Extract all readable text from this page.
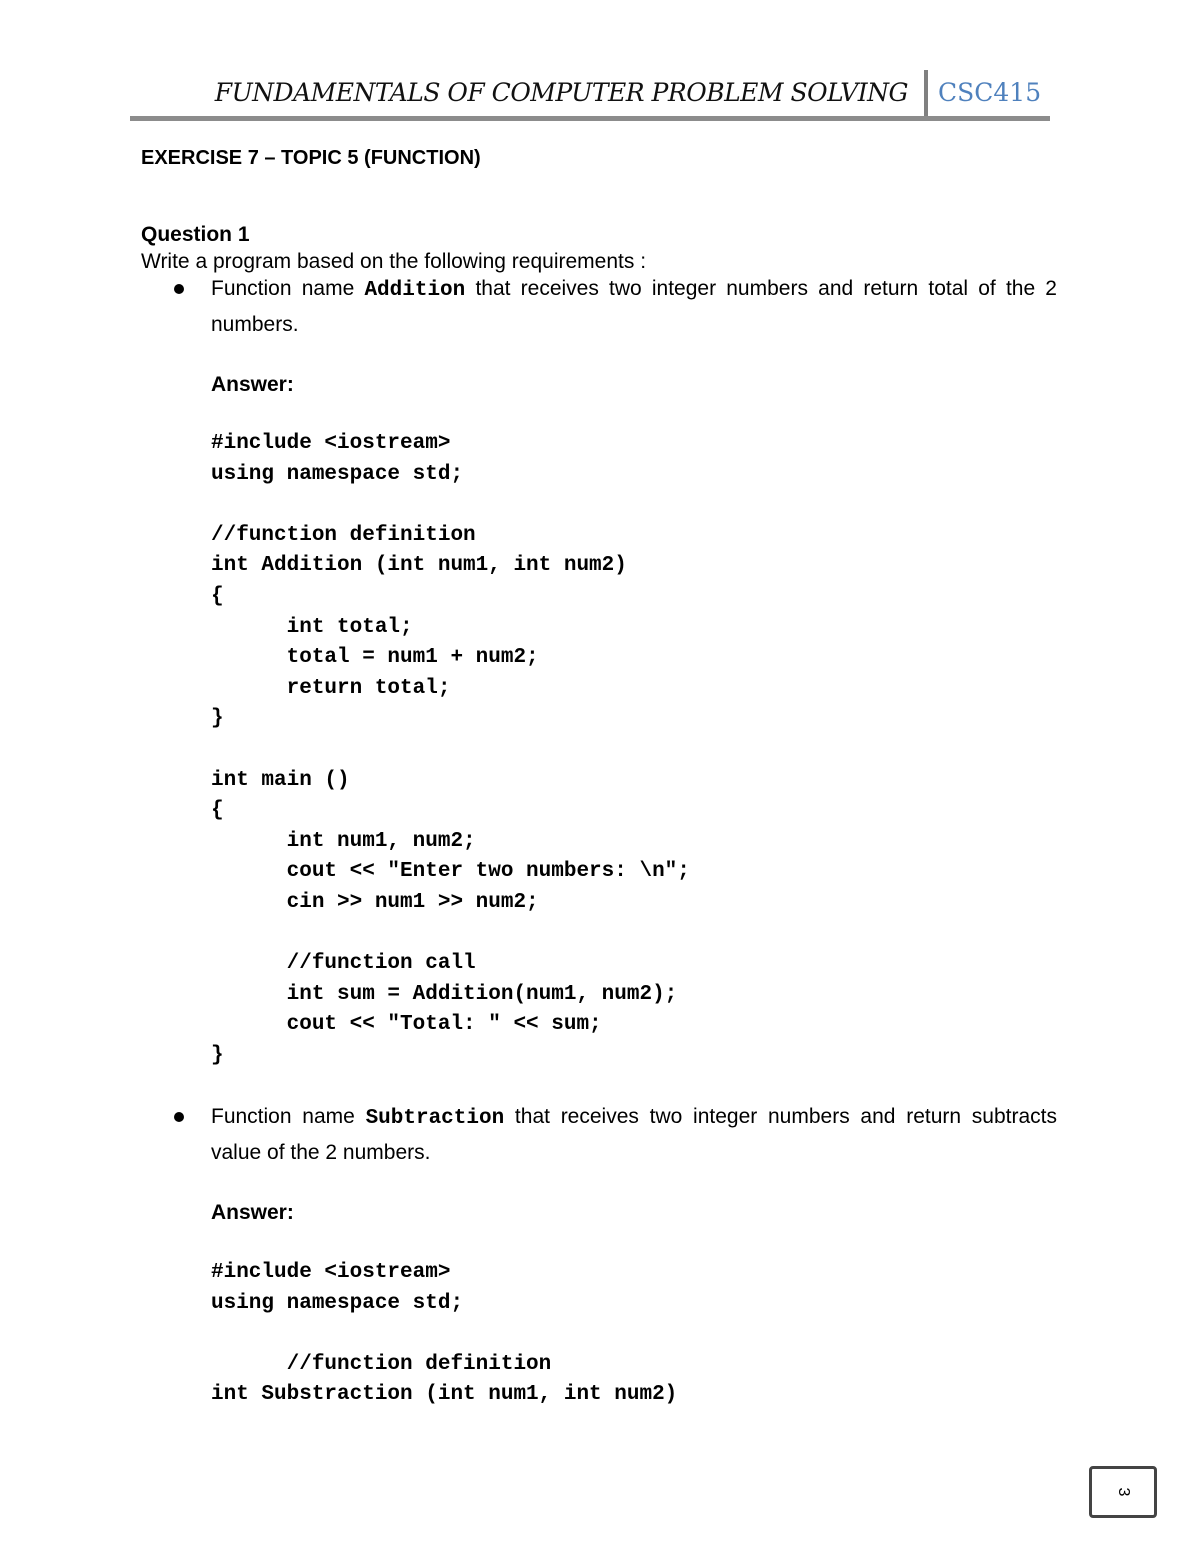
FUNDAMENTALS OF COMPUTER PROBLEM SOLVING CSC415
EXERCISE 7 – TOPIC 5 (FUNCTION)
Question 1
Write a program based on the following requirements :
Function name Addition that receives two integer numbers and return total of the 2 numbers.
Answer:
#include <iostream>
using namespace std;
//function definition
int Addition (int num1, int num2)
{
int total;
total = num1 + num2;
return total;
}
int main ()
{
int num1, num2;
cout << "Enter two numbers: \n";
cin >> num1 >> num2;
//function call
int sum = Addition(num1, num2);
cout << "Total: " << sum;
}
Function name Subtraction that receives two integer numbers and return subtracts value of the 2 numbers.
Answer:
#include <iostream>
using namespace std;
//function definition
int Substraction (int num1, int num2)
3
